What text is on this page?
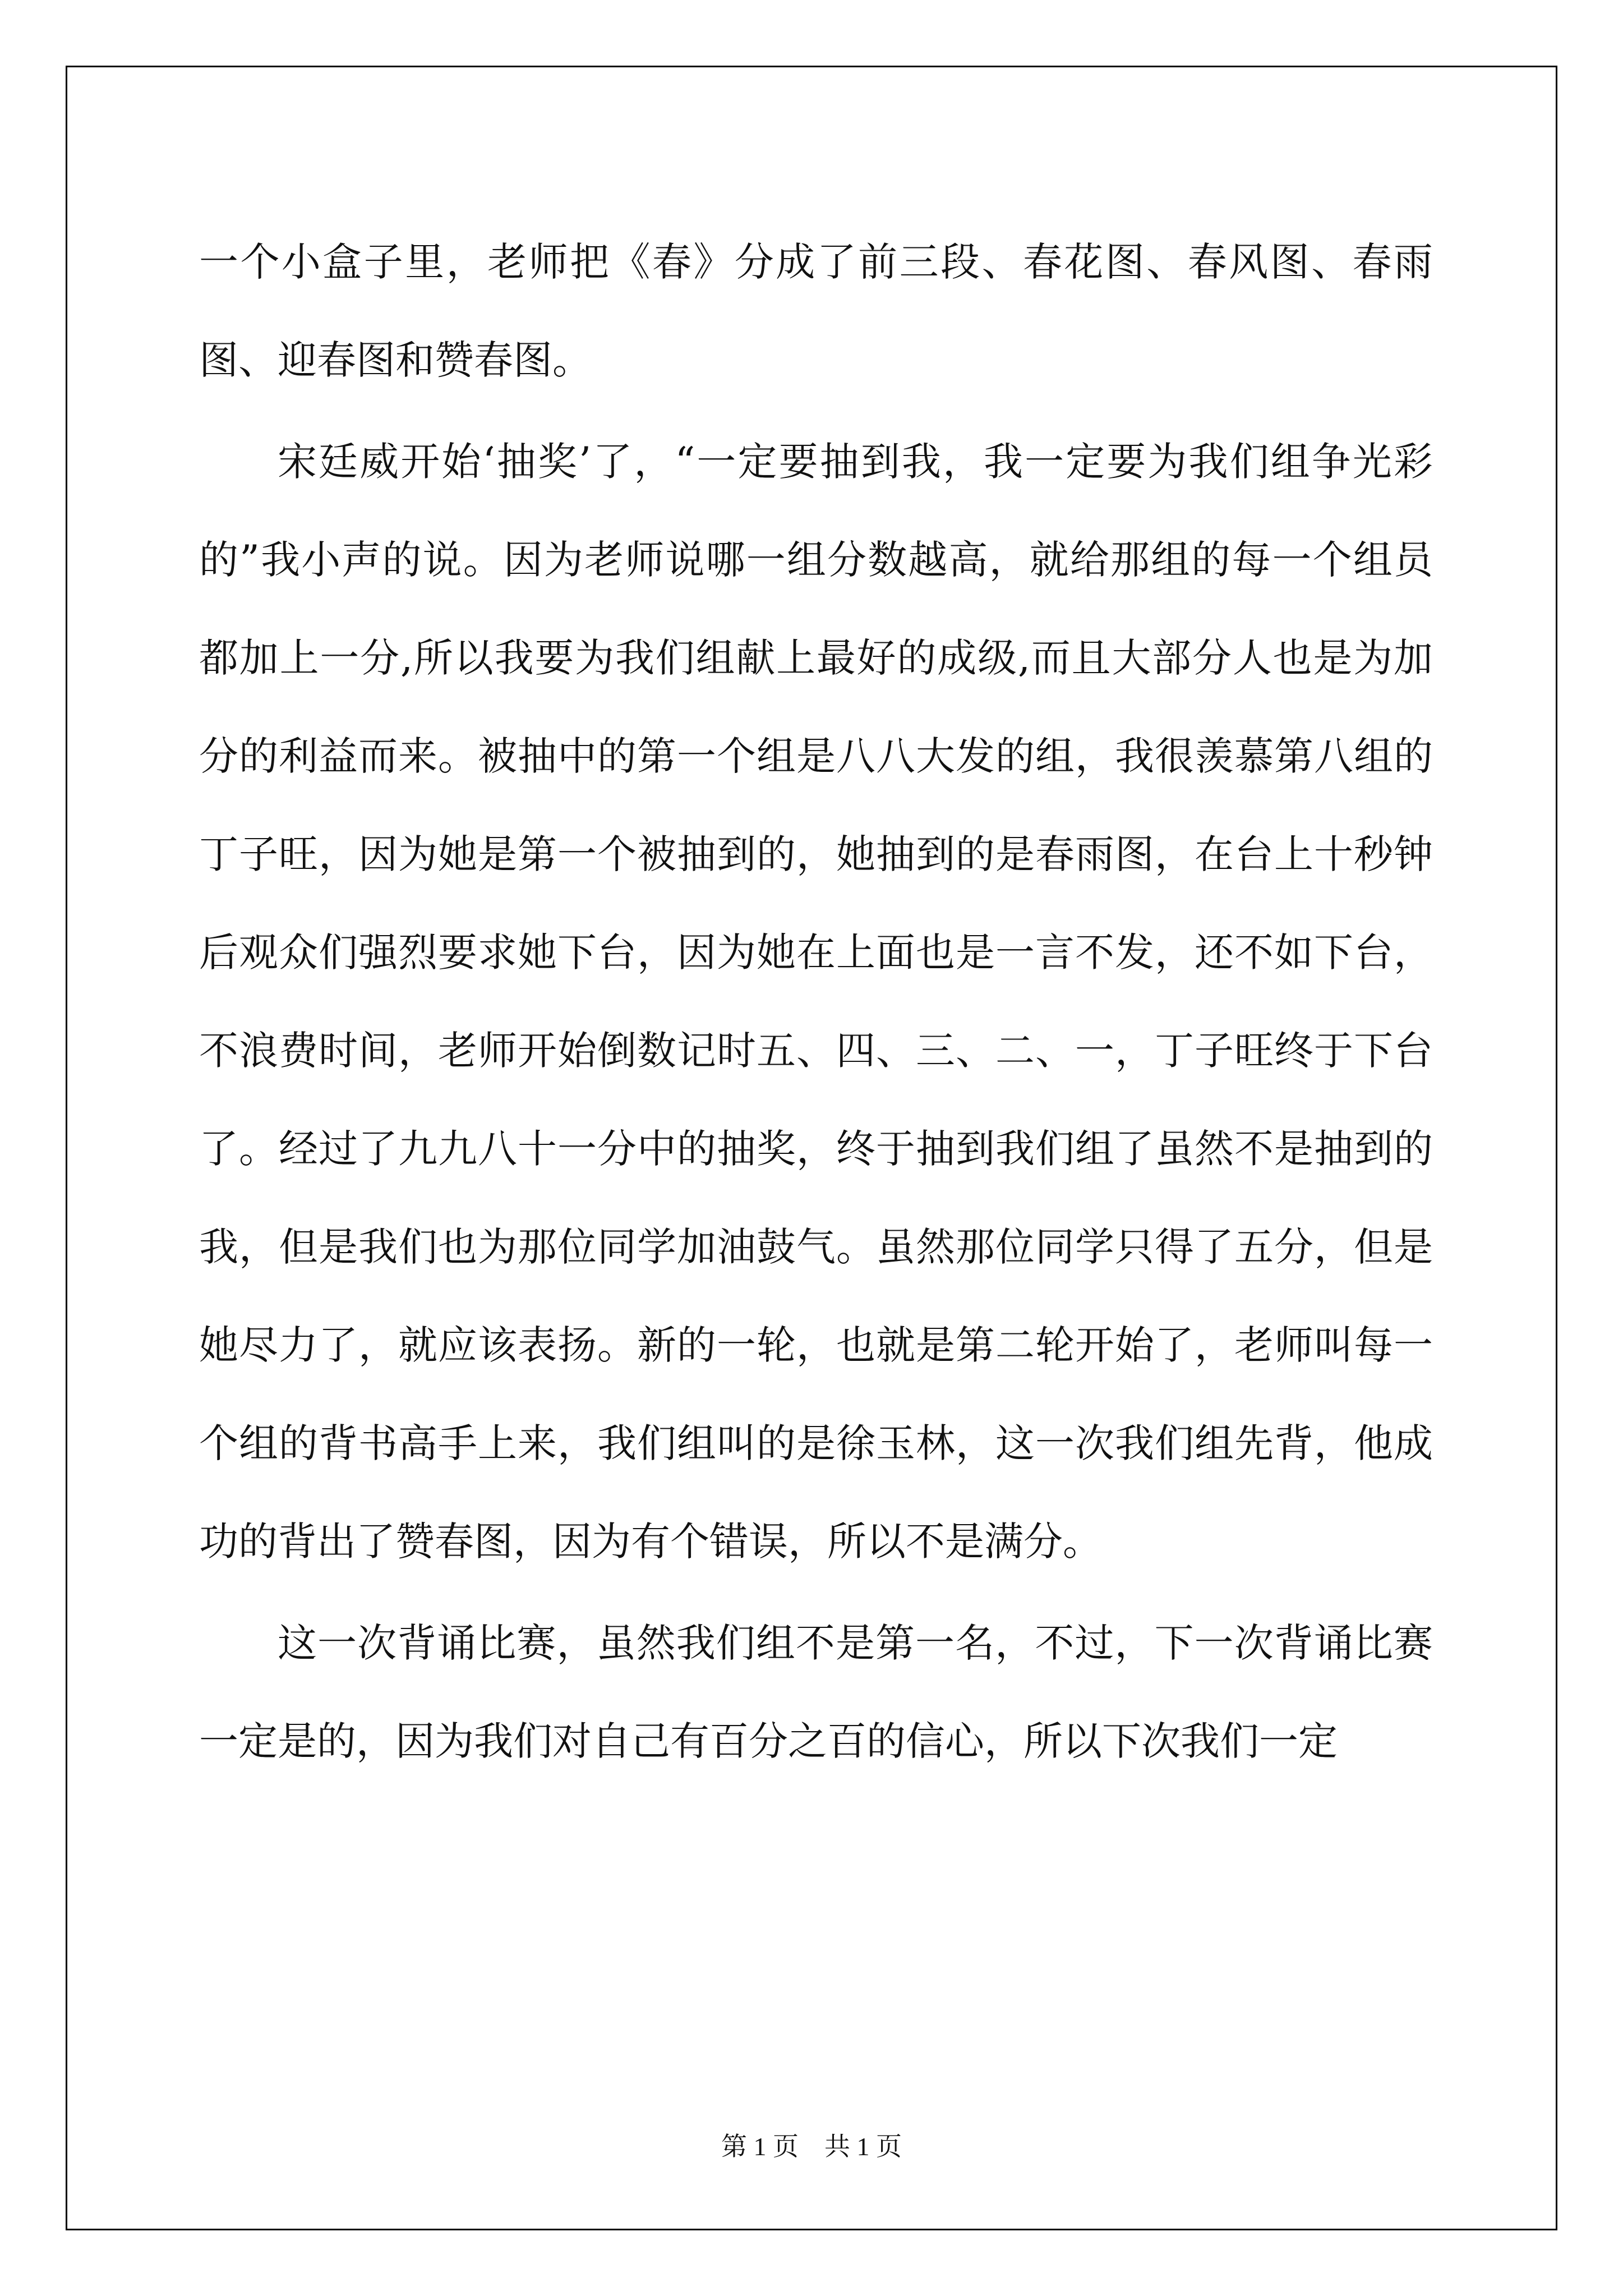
一个小盒子里，老师把《春》分成了前三段、春花图、春风图、春雨图、迎春图和赞春图。

宋廷威开始‘抽奖’了，“一定要抽到我，我一定要为我们组争光彩的”我小声的说。因为老师说哪一组分数越高，就给那组的每一个组员都加上一分,所以我要为我们组献上最好的成级,而且大部分人也是为加分的利益而来。被抽中的第一个组是八八大发的组，我很羡慕第八组的丁子旺，因为她是第一个被抽到的，她抽到的是春雨图，在台上十秒钟后观众们强烈要求她下台，因为她在上面也是一言不发，还不如下台，不浪费时间，老师开始倒数记时五、四、三、二、一，丁子旺终于下台了。经过了九九八十一分中的抽奖，终于抽到我们组了虽然不是抽到的我，但是我们也为那位同学加油鼓气。虽然那位同学只得了五分，但是她尽力了，就应该表扬。新的一轮，也就是第二轮开始了，老师叫每一个组的背书高手上来，我们组叫的是徐玉林，这一次我们组先背，他成功的背出了赞春图，因为有个错误，所以不是满分。

这一次背诵比赛，虽然我们组不是第一名，不过，下一次背诵比赛一定是的，因为我们对自己有百分之百的信心，所以下次我们一定

第 1 页　共 1 页
